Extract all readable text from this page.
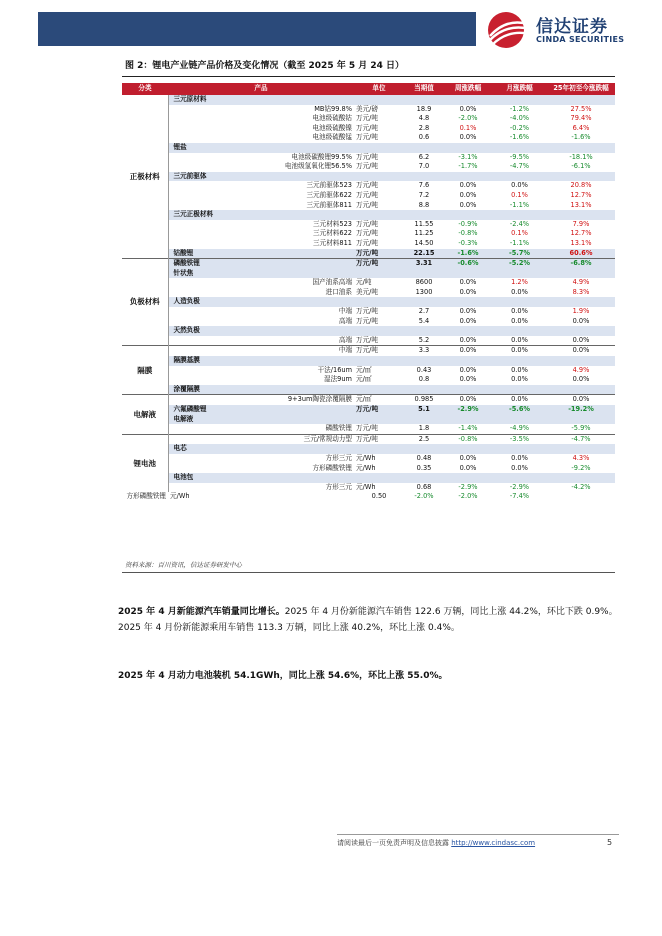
信达证券
CINDA SECURITIES
图 2：锂电产业链产品价格及变化情况（截至 2025 年 5 月 24 日）
分类	产品	单位	当期值	周涨跌幅	月涨跌幅	25年初至今涨跌幅
正极材料	三元原材料					
	MB钴99.8%	美元/磅	18.9	0.0%	-1.2%	27.5%
	电池级硫酸钴	万元/吨	4.8	-2.0%	-4.0%	79.4%
	电池级硫酸镍	万元/吨	2.8	0.1%	-0.2%	6.4%
	电池级硫酸锰	万元/吨	0.6	0.0%	-1.6%	-1.6%
	锂盐					
	电池级碳酸锂99.5%	万元/吨	6.2	-3.1%	-9.5%	-18.1%
	电池级氢氧化锂56.5%	万元/吨	7.0	-1.7%	-4.7%	-6.1%
	三元前驱体					
	三元前驱体523	万元/吨	7.6	0.0%	0.0%	20.8%
	三元前驱体622	万元/吨	7.2	0.0%	0.1%	12.7%
	三元前驱体811	万元/吨	8.8	0.0%	-1.1%	13.1%
	三元正极材料					
	三元材料523	万元/吨	11.55	-0.9%	-2.4%	7.9%
	三元材料622	万元/吨	11.25	-0.8%	0.1%	12.7%
	三元材料811	万元/吨	14.50	-0.3%	-1.1%	13.1%
	钴酸锂	万元/吨	22.15	-1.6%	-5.7%	60.6%
负极材料	磷酸铁锂	万元/吨	3.31	-0.6%	-5.2%	-6.8%
	针状焦					
	国产油系高端	元/吨	8600	0.0%	1.2%	4.9%
	进口油系	美元/吨	1300	0.0%	0.0%	8.3%
	人造负极					
	中端	万元/吨	2.7	0.0%	0.0%	1.9%
	高端	万元/吨	5.4	0.0%	0.0%	0.0%
	天然负极					
	高端	万元/吨	5.2	0.0%	0.0%	0.0%
隔膜	中端	万元/吨	3.3	0.0%	0.0%	0.0%
	隔膜基膜					
	干法/16um	元/㎡	0.43	0.0%	0.0%	4.9%
	湿法9um	元/㎡	0.8	0.0%	0.0%	0.0%
	涂覆隔膜					
电解液	9+3um陶瓷涂覆隔膜	元/㎡	0.985	0.0%	0.0%	0.0%
	六氟磷酸锂	万元/吨	5.1	-2.9%	-5.6%	-19.2%
	电解液					
	磷酸铁锂	万元/吨	1.8	-1.4%	-4.9%	-5.9%
锂电池	三元/常规动力型	万元/吨	2.5	-0.8%	-3.5%	-4.7%
	电芯					
	方形三元	元/Wh	0.48	0.0%	0.0%	4.3%
	方形磷酸铁锂	元/Wh	0.35	0.0%	0.0%	-9.2%
	电池包					
	方形三元	元/Wh	0.68	-2.9%	-2.9%	-4.2%
方形磷酸铁锂	元/Wh	0.50	-2.0%	-2.0%	-7.4%	
资料来源：百川资讯，信达证券研发中心
2025 年 4 月新能源汽车销量同比增长。2025 年 4 月份新能源汽车销售 122.6 万辆，同比上涨 44.2%，环比下跌 0.9%。2025 年 4 月份新能源乘用车销售 113.3 万辆，同比上涨 40.2%，环比上涨 0.4%。
2025 年 4 月动力电池装机 54.1GWh，同比上涨 54.6%，环比上涨 55.0%。
请阅读最后一页免责声明及信息披露 http://www.cindasc.com	5
